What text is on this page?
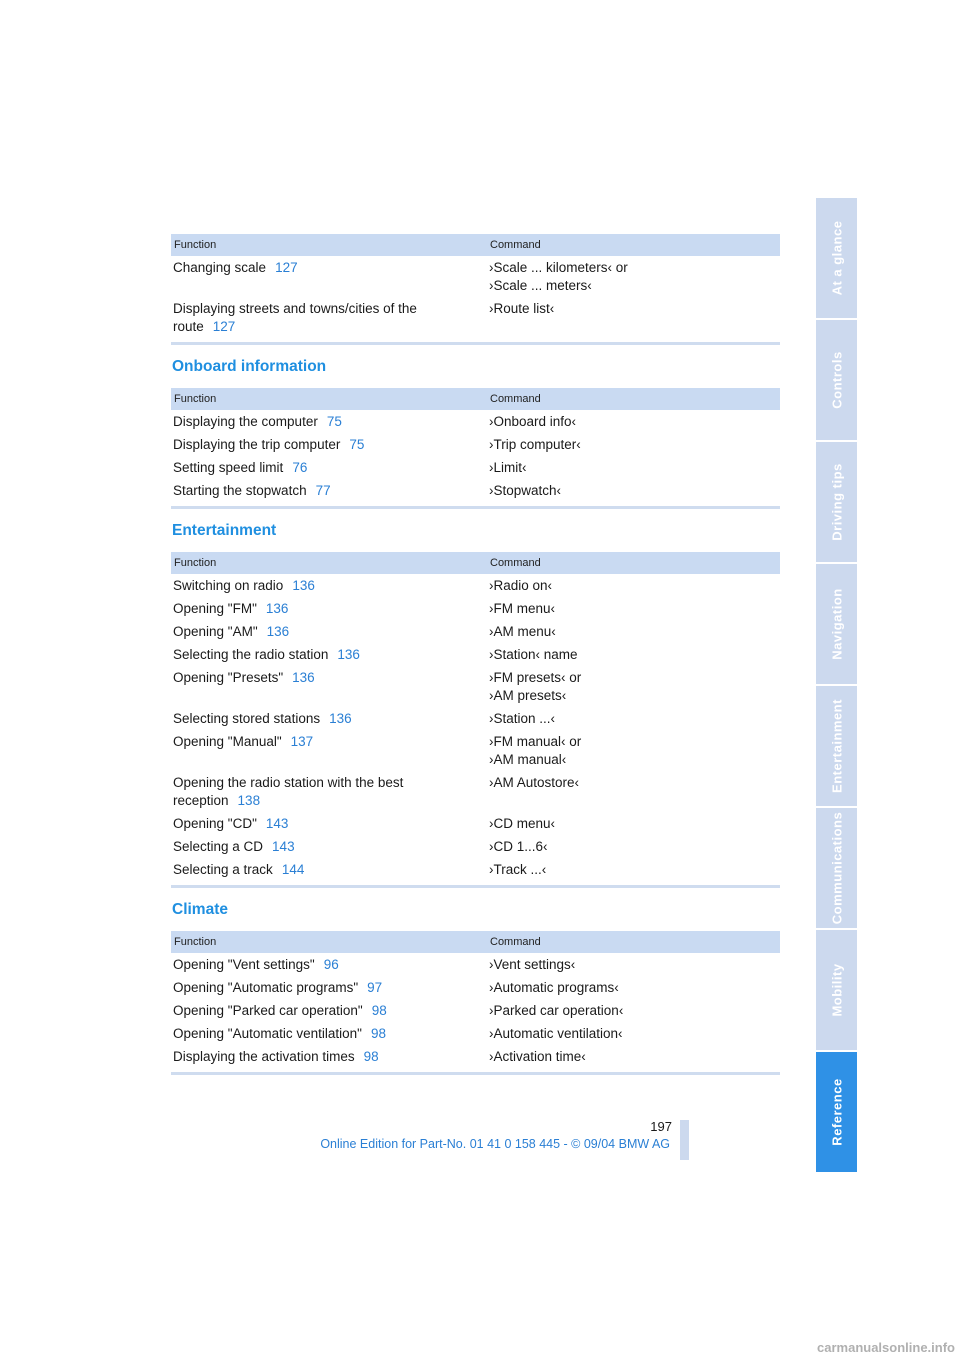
Function	Command
Changing scale 127	›Scale ... kilometers‹ or
›Scale ... meters‹
Displaying streets and towns/cities of the
route 127	›Route list‹
Onboard information
Function	Command
Displaying the computer 75	›Onboard info‹
Displaying the trip computer 75	›Trip computer‹
Setting speed limit 76	›Limit‹
Starting the stopwatch 77	›Stopwatch‹
Entertainment
Function	Command
Switching on radio 136	›Radio on‹
Opening "FM" 136	›FM menu‹
Opening "AM" 136	›AM menu‹
Selecting the radio station 136	›Station‹ name
Opening "Presets" 136	›FM presets‹ or
›AM presets‹
Selecting stored stations 136	›Station ...‹
Opening "Manual" 137	›FM manual‹ or
›AM manual‹
Opening the radio station with the best
reception 138	›AM Autostore‹
Opening "CD" 143	›CD menu‹
Selecting a CD 143	›CD 1...6‹
Selecting a track 144	›Track ...‹
Climate
Function	Command
Opening "Vent settings" 96	›Vent settings‹
Opening "Automatic programs" 97	›Automatic programs‹
Opening "Parked car operation" 98	›Parked car operation‹
Opening "Automatic ventilation" 98	›Automatic ventilation‹
Displaying the activation times 98	›Activation time‹
At a glance
Controls
Driving tips
Navigation
Entertainment
Communications
Mobility
Reference
197
Online Edition for Part-No. 01 41 0 158 445 - © 09/04 BMW AG
carmanualsonline.info
